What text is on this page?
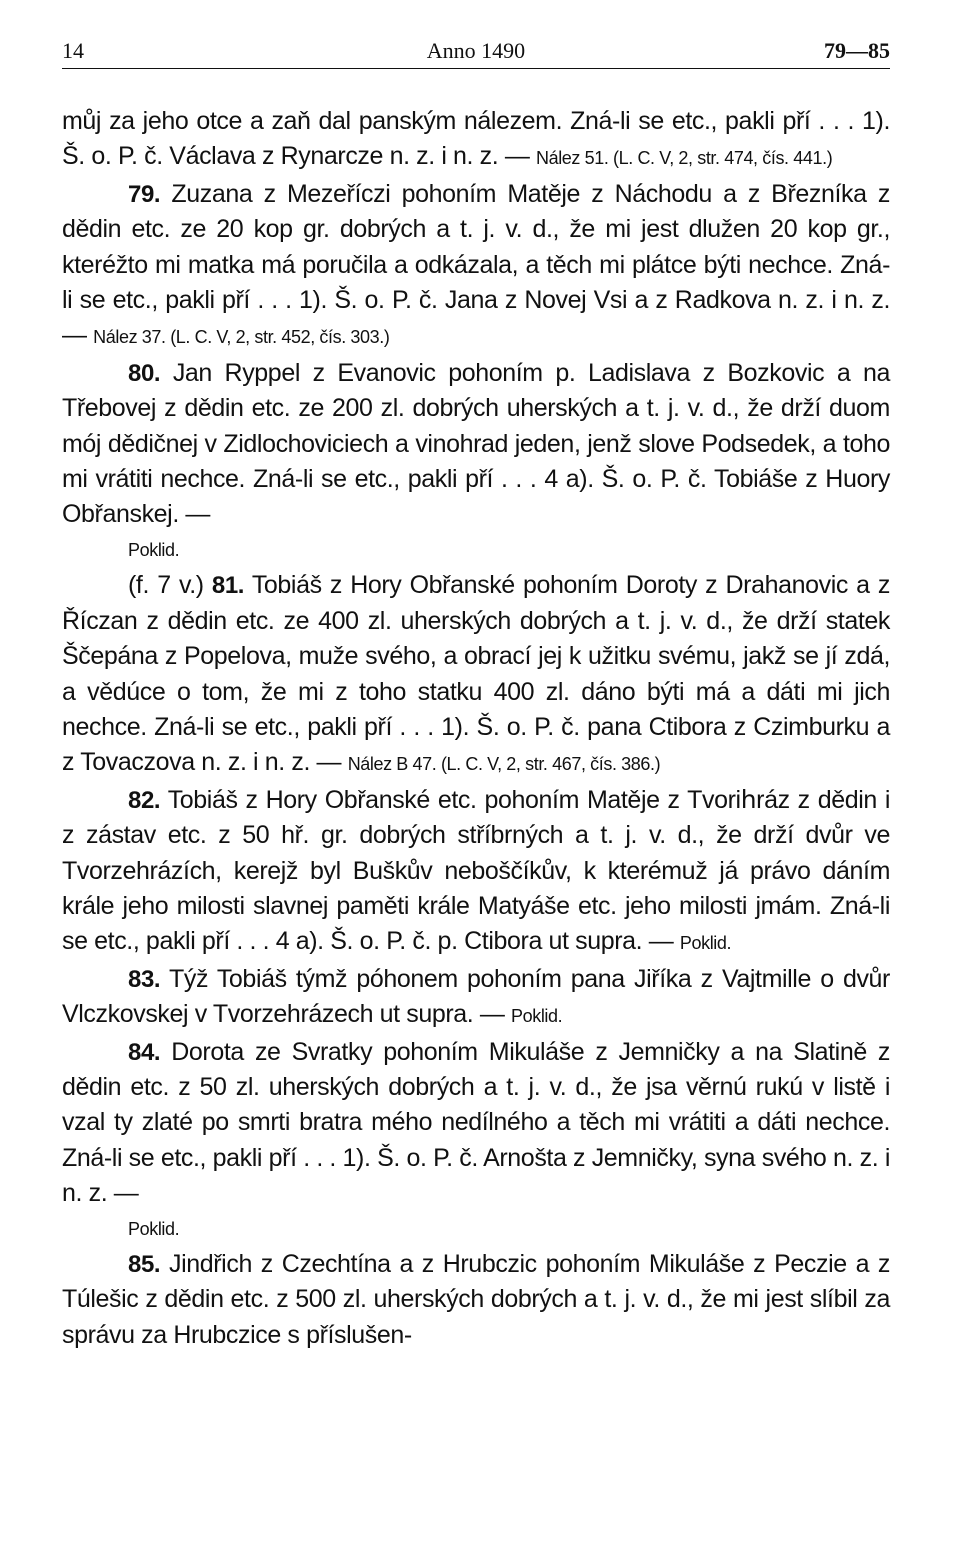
14	Anno 1490	79—85

můj za jeho otce a zaň dal panským nálezem. Zná-li se etc., pakli pří . . . 1). Š. o. P. č. Václava z Rynarcze n. z. i n. z. — Nález 51. (L. C. V, 2, str. 474, čís. 441.)

79. Zuzana z Mezeříczi pohoním Matěje z Náchodu a z Březníka z dědin etc. ze 20 kop gr. dobrých a t. j. v. d., že mi jest dlužen 20 kop gr., kteréžto mi matka má poručila a odkázala, a těch mi plátce býti nechce. Zná-li se etc., pakli pří . . . 1). Š. o. P. č. Jana z Novej Vsi a z Radkova n. z. i n. z. — Nález 37. (L. C. V, 2, str. 452, čís. 303.)

80. Jan Ryppel z Evanovic pohoním p. Ladislava z Bozkovic a na Třebovej z dědin etc. ze 200 zl. dobrých uherských a t. j. v. d., že drží duom mój dědičnej v Zidlochoviciech a vinohrad jeden, jenž slove Podsedek, a toho mi vrátiti nechce. Zná-li se etc., pakli pří . . . 4 a). Š. o. P. č. Tobiáše z Huory Obřanskej. —
Poklid.

(f. 7 v.) 81. Tobiáš z Hory Obřanské pohoním Doroty z Drahanovic a z Říczan z dědin etc. ze 400 zl. uherských dobrých a t. j. v. d., že drží statek Ščepána z Popelova, muže svého, a obrací jej k užitku svému, jakž se jí zdá, a vědúce o tom, že mi z toho statku 400 zl. dáno býti má a dáti mi jich nechce. Zná-li se etc., pakli pří . . . 1). Š. o. P. č. pana Ctibora z Czimburku a z Tovaczova n. z. i n. z. — Nález B 47. (L. C. V, 2, str. 467, čís. 386.)

82. Tobiáš z Hory Obřanské etc. pohoním Matěje z Tvoriհráz z dědin i z zástav etc. z 50 hř. gr. dobrých stříbrných a t. j. v. d., že drží dvůr ve Tvorzehrázích, kerejž byl Buškův neboščíkův, k kterémuž já právo dáním krále jeho milosti slavnej paměti krále Matyáše etc. jeho milosti jmám. Zná-li se etc., pakli pří . . . 4 a). Š. o. P. č. p. Ctibora ut supra. — Poklid.

83. Týž Tobiáš týmž póhonem pohoním pana Jiříka z Vajtmille o dvůr Vlczkovskej v Tvorzehrázech ut supra. — Poklid.

84. Dorota ze Svratky pohoním Mikuláše z Jemničky a na Slatině z dědin etc. z 50 zl. uherských dobrých a t. j. v. d., že jsa věrnú rukú v listě i vzal ty zlaté po smrti bratra mého nedílného a těch mi vrátiti a dáti nechce. Zná-li se etc., pakli pří . . . 1). Š. o. P. č. Arnošta z Jemničky, syna svého n. z. i n. z. —
Poklid.

85. Jindřich z Czechtína a z Hrubczic pohoním Mikuláše z Peczie a z Túlešic z dědin etc. z 500 zl. uherských dobrých a t. j. v. d., že mi jest slíbil za správu za Hrubczice s příslušen-
